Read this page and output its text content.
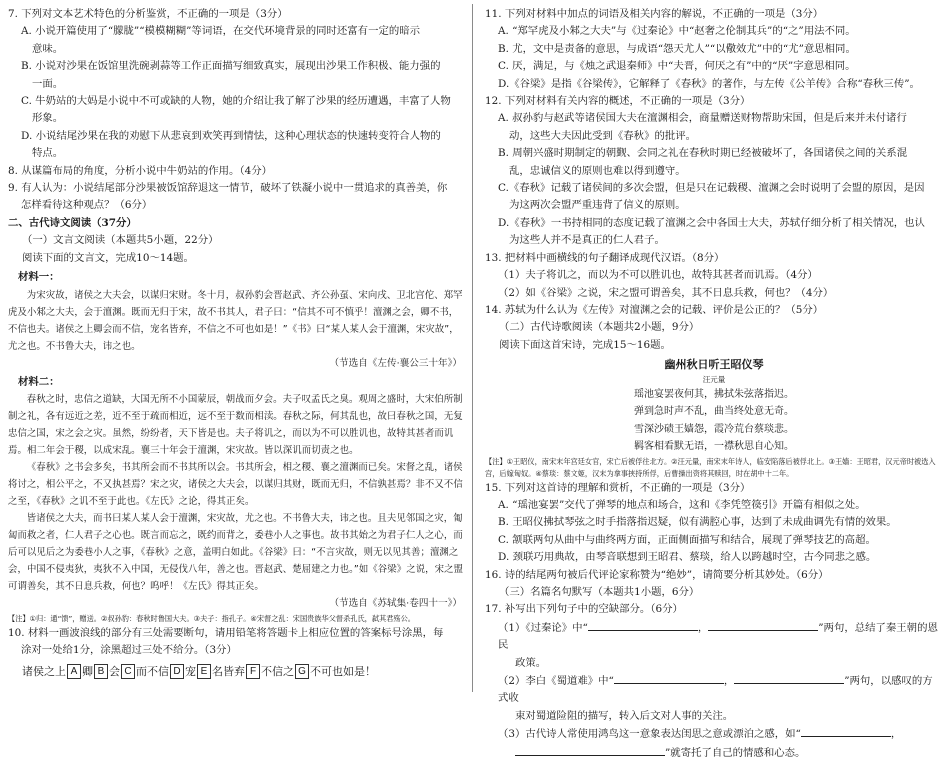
7. 下列对文本艺术特色的分析鉴赏，不正确的一项是（3分）

A. 小说开篇使用了“朦胧”“模模糊糊”等词语，在交代环境背景的同时还富有一定的暗示

意味。

B. 小说对沙果在饭馆里洗碗剥蒜等工作正面描写细致真实，展现出沙果工作积极、能力强的

一面。

C. 牛奶站的大妈是小说中不可或缺的人物，她的介绍让我了解了沙果的经历遭遇，丰富了人物

形象。

D. 小说结尾沙果在我的劝慰下从悲哀到欢笑再到情怯，这种心理状态的快速转变符合人物的

特点。

8. 从谋篇布局的角度，分析小说中牛奶站的作用。（4分）

9. 有人认为：小说结尾部分沙果被饭馆辞退这一情节，破坏了铁凝小说中一贯追求的真善美，你

怎样看待这种观点？（6分）

二、古代诗文阅读（37分）

（一）文言文阅读（本题共5小题，22分）

阅读下面的文言文，完成10～14题。

材料一：

为宋灾故，诸侯之大夫会，以谋归宋财。冬十月，叔孙豹会晋赵武、齐公孙虿、宋向戌、卫北宫佗、郑罕虎及小邾之大夫，会于澶渊。既而无归于宋，故不书其人，君子曰：“信其不可不慎乎！澶渊之会，卿不书，不信也夫。诸侯之上卿会而不信，宠名皆弃，不信之不可也如是！”《书》曰“某人某人会于澶渊，宋灾故”，尤之也。不书鲁大夫，讳之也。

（节选自《左传·襄公三十年》）

材料二：

春秋之时，忠信之道缺，大国无所不小国蒙辰，朝战而夕会。夫子叹孟氏之臭。观周之盛时，大宋伯所制制之礼，各有远近之差，近不至于疏而相近，远不至于数而相渎。春秋之际，何其乱也，故曰春秋之国，无复忠信之国，宋之会之灾。虽然，纷纷者，天下皆是也。夫子将讥之，而以为不可以胜讥也，故特其甚者而讥焉。相二年会于稷，以成宋乱。襄三十年会于澶渊，宋灾故。皆以深讥而切责之也。

《春秋》之书会多矣，书其所会而不书其所以会。书其所会，相之稷、襄之澶渊而已矣。宋督之乱，诸侯将讨之，相公平之，不又执甚焉？宋之灾，诸侯之大夫会，以谋归其财，既而无归，不信孰甚焉？非不又不信之至，《春秋》之讥不至于此也。《左氏》之论，得其正矣。

皆诸侯之大夫，而书曰某人某人会于澶渊，宋灾故，尤之也。不书鲁大夫，讳之也。且夫见邻国之灾，匍匐而救之者，仁人君子之心也。既言而忘之，既约而背之，委巷小人之事也。故书其始之为君子仁人之心，而后可以见后之为委巷小人之事，《春秋》之意，盖明白如此。《谷梁》曰：“不言灾故，则无以见其善；澶渊之会，中国不侵夷狄，夷狄不入中国，无侵伐八年，善之也。晋赵武、楚屈建之力也。”如《谷梁》之说，宋之盟可谓善矣，其不日息兵救，何也？呜呼！《左氏》得其正矣。

（节选自《苏轼集·卷四十一》）

【注】①归：通“馈”，赠送。②叔孙豹：春秋时鲁国大夫。③夫子：指孔子。④宋督之乱：宋国贵族华父督杀孔氏，弑其君殇公。

10. 材料一画波浪线的部分有三处需要断句，请用铅笔将答题卡上相应位置的答案标号涂黑，每

涂对一处给1分，涂黑超过三处不给分。（3分）

诸侯之上 A 卿 B 会 C 而不信 D 宠 E 名皆弃 F 不信之 G 不可也如是！

11. 下列对材料中加点的词语及相关内容的解说，不正确的一项是（3分）

A. “郑罕虎及小邾之大夫”与《过秦论》中“赵奢之伦制其兵”的“之”用法不同。

B. 尤，文中是责备的意思，与成语“怨天尤人”“以儆效尤”中的“尤”意思相同。

C. 厌，满足，与《烛之武退秦师》中“夫晋，何厌之有”中的“厌”字意思相同。

D.《谷梁》是指《谷梁传》，它解释了《春秋》的著作，与左传《公羊传》合称“春秋三传”。

12. 下列对材料有关内容的概述，不正确的一项是（3分）

A. 叔孙豹与赵武等诸侯国大夫在澶渊相会，商量赠送财物帮助宋国，但是后来并未付诸行

动，这些大夫因此受到《春秋》的批评。

B. 周朝兴盛时期制定的朝觐、会同之礼在春秋时期已经被破坏了，各国诸侯之间的关系混

乱，忠诚信义的原则也难以得到遵守。

C.《春秋》记载了诸侯间的多次会盟，但是只在记载稷、澶渊之会时说明了会盟的原因，是因

为这两次会盟严重违背了信义的原则。

D.《春秋》一书持相同的态度记载了澶渊之会中各国士大夫，苏轼仔细分析了相关情况，也认

为这些人并不是真正的仁人君子。

13. 把材料中画横线的句子翻译成现代汉语。（8分）

（1）夫子将讥之，而以为不可以胜讥也，故特其甚者而讥焉。（4分）

（2）如《谷梁》之说，宋之盟可谓善矣，其不日息兵救，何也？（4分）

14. 苏轼为什么认为《左传》对澶渊之会的记载、评价是公正的？（5分）

（二）古代诗歌阅读（本题共2小题，9分）

阅读下面这首宋诗，完成15～16题。

幽州秋日听王昭仪琴

汪元量

瑶池宴罢夜何其，拂拭朱弦落指迟。

弹到急时声不乱，曲当终处意无奇。

雪深沙碛王嫱怨，霞冷荒台蔡琰悲。

羁客相看默无语，一襟秋思自心知。

【注】①王昭仪，南宋末年宫廷女官，宋亡后被俘往北方。②汪元量，南宋末年诗人，临安陷落后被俘北上。③王嫱：王昭君，汉元帝时被选入宫，后嫁匈奴。④蔡琰：蔡文姬，汉末为拿事挟持所俘，后曹操出资将其赎回，时在胡中十二年。

15. 下列对这首诗的理解和赏析，不正确的一项是（3分）

A. “瑶池宴罢”交代了弹琴的地点和场合，这和《李凭箜篌引》开篇有相似之处。

B. 王昭仪拂拭琴弦之时手指落指迟疑，似有满腔心事，达到了未成曲调先有情的效果。

C. 颔联两句从曲中与曲终两方面，正面侧面描写和结合，展现了弹琴技艺的高超。

D. 颈联巧用典故，由琴音联想到王昭君、蔡琰，给人以跨越时空，古今同悲之感。

16. 诗的结尾两句被后代评论家称赞为“绝妙”，请简要分析其妙处。（6分）

（三）名篇名句默写（本题共1小题，6分）

17. 补写出下列句子中的空缺部分。（6分）

（1）《过秦论》中“	，	”两句，总结了秦王朝的恩民

政策。

（2）李白《蜀道难》中“	，	”两句，以感叹的方式收

束对蜀道险阻的描写，转入后文对人事的关注。

（3）古代诗人常使用鸿鸟这一意象表达闺思之意或漂泊之感，如“	，

”就寄托了自己的情感和心态。
